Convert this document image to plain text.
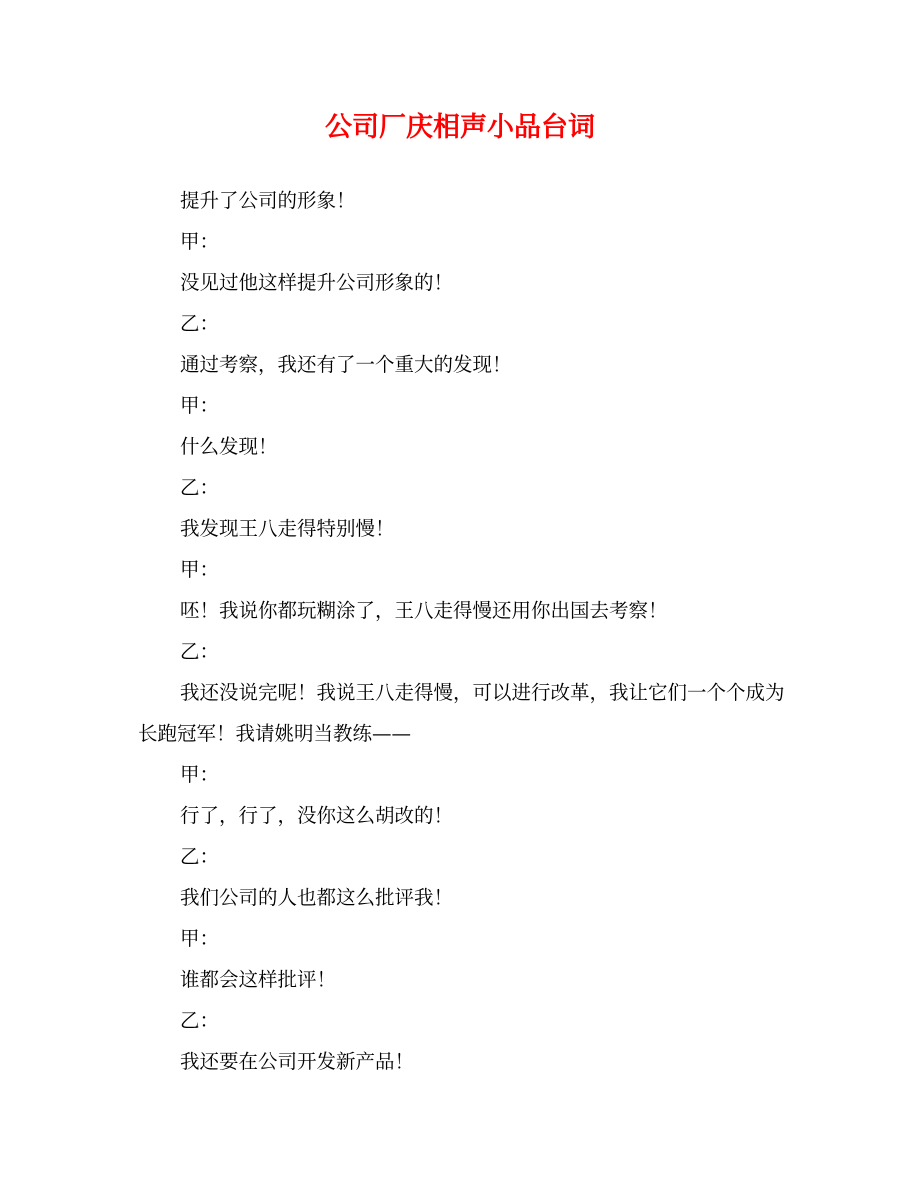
公司厂庆相声小品台词

提升了公司的形象！

甲：

没见过他这样提升公司形象的！

乙：

通过考察，我还有了一个重大的发现！

甲：

什么发现！

乙：

我发现王八走得特别慢！

甲：

呸！我说你都玩糊涂了，王八走得慢还用你出国去考察！

乙：

我还没说完呢！我说王八走得慢，可以进行改革，我让它们一个个成为长跑冠军！我请姚明当教练——

甲：

行了，行了，没你这么胡改的！

乙：

我们公司的人也都这么批评我！

甲：

谁都会这样批评！

乙：

我还要在公司开发新产品！
